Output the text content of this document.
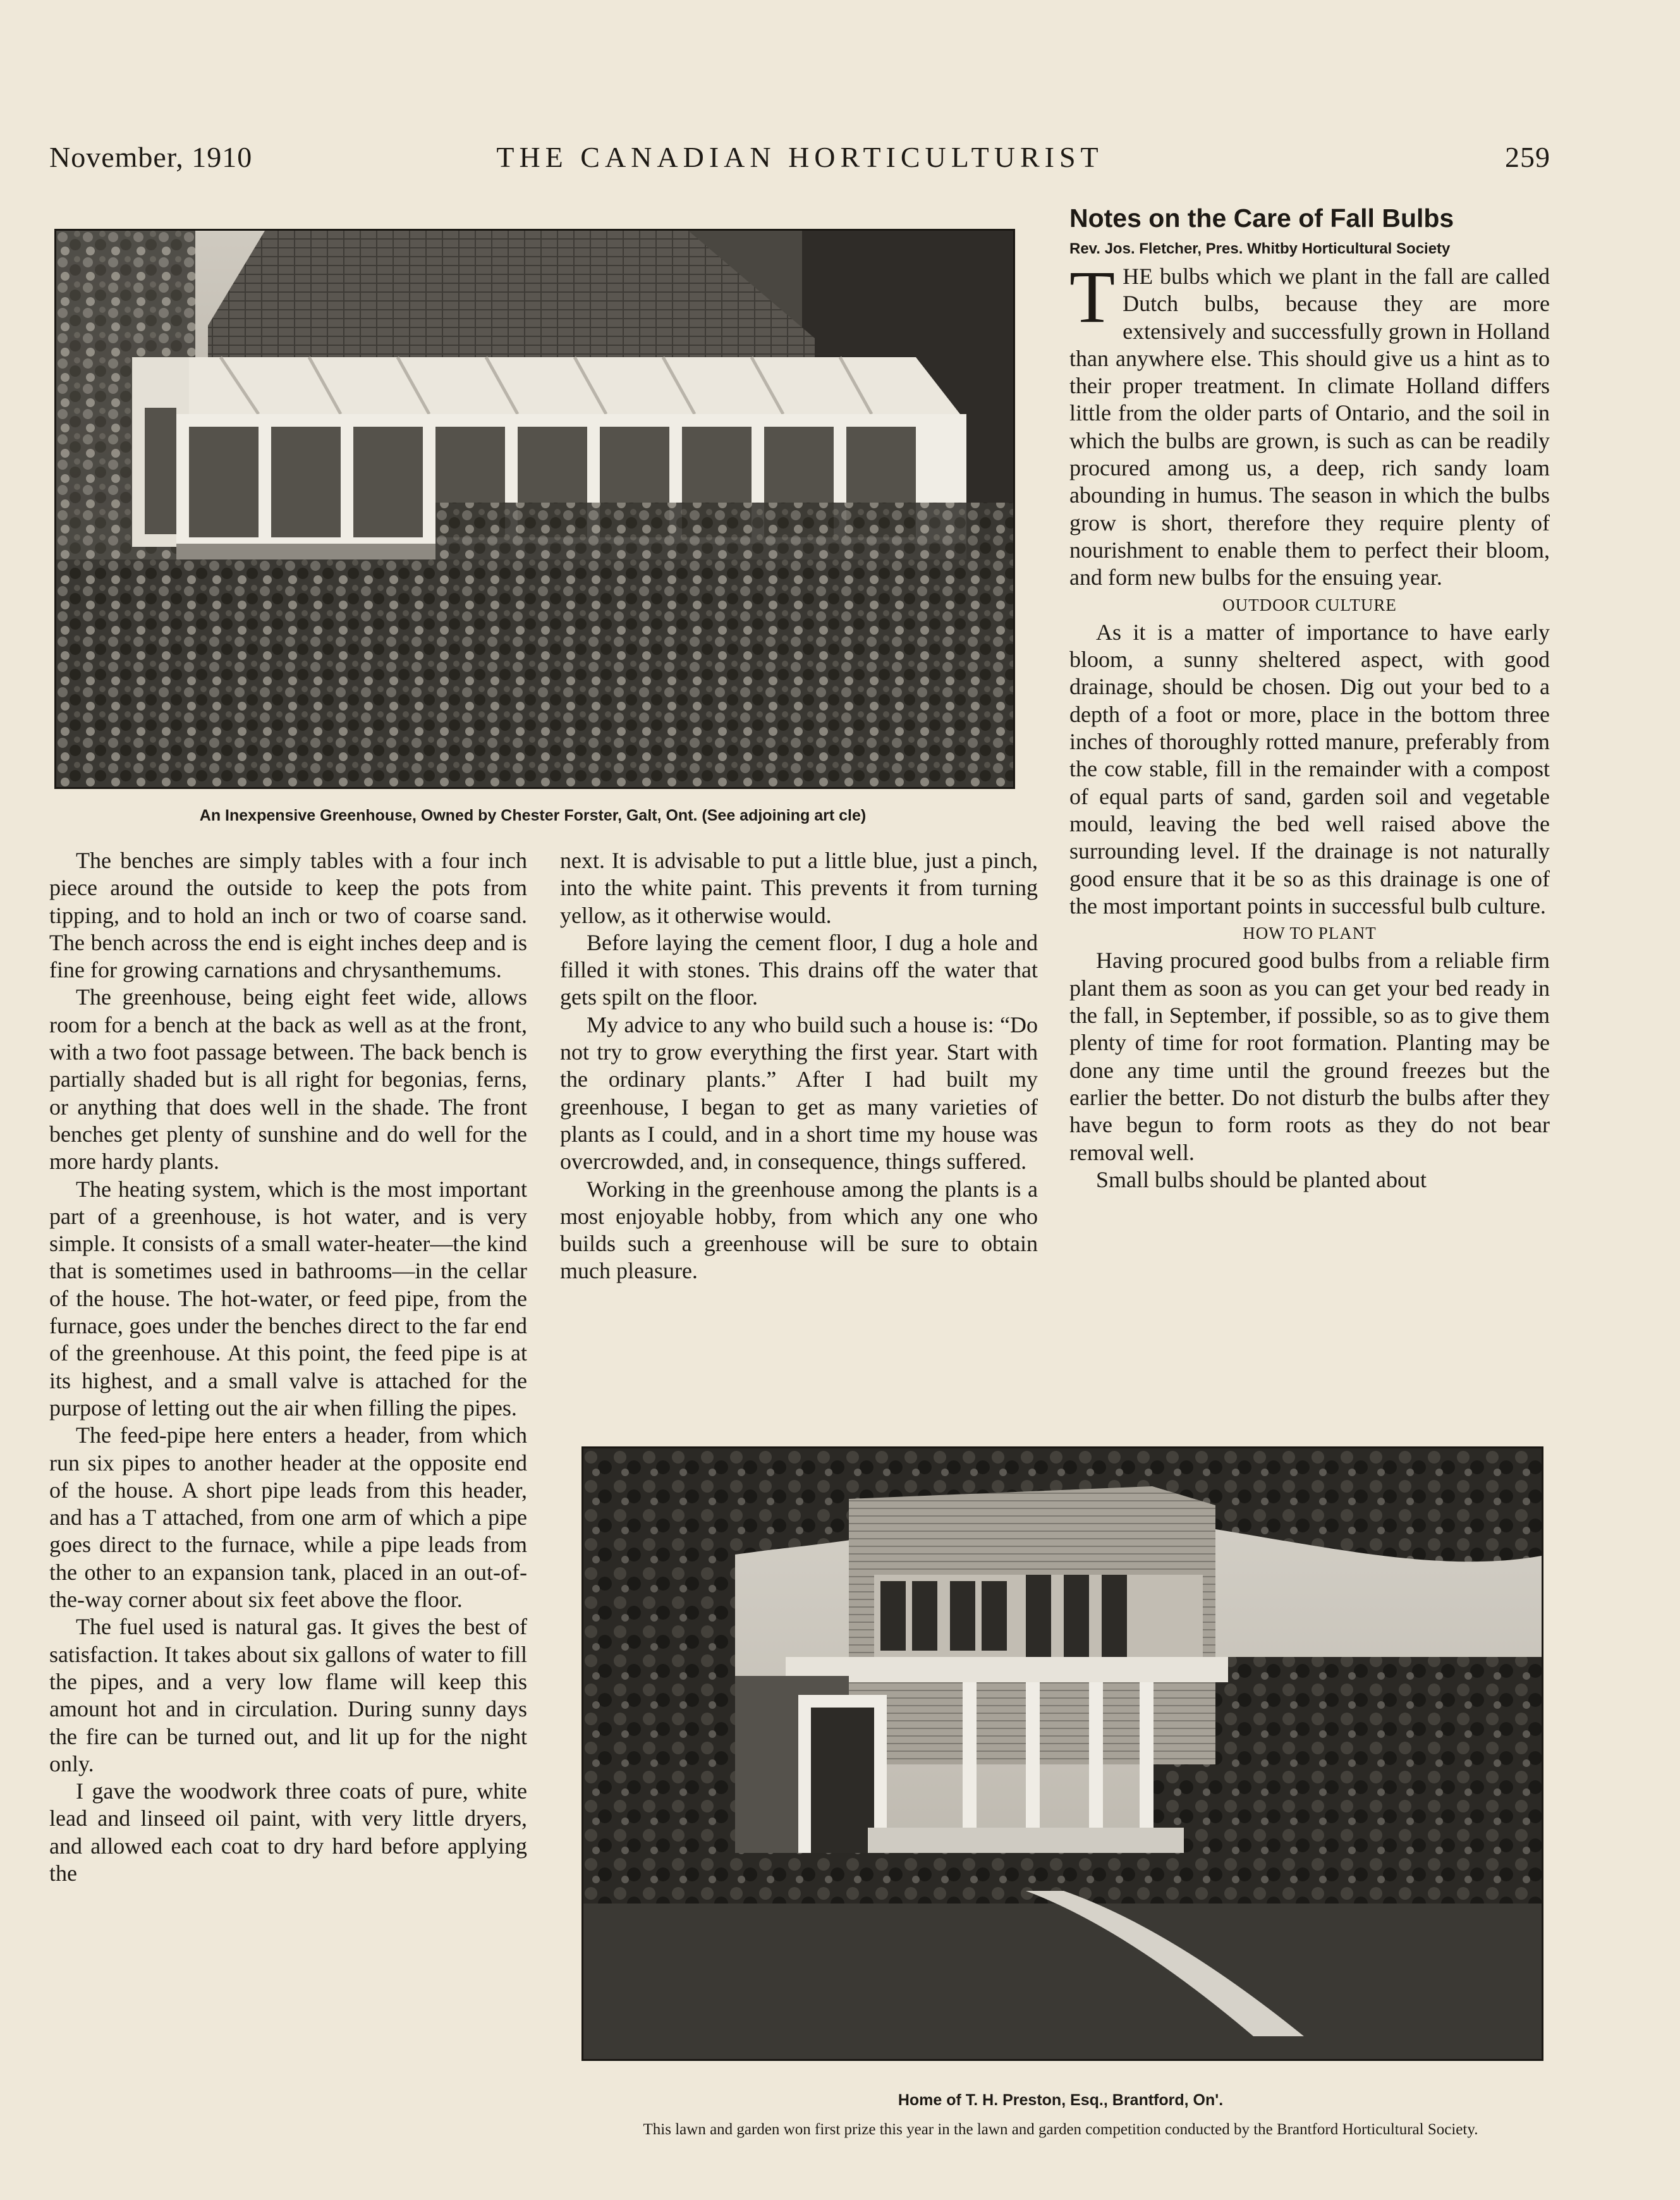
November, 1910	THE CANADIAN HORTICULTURIST	259
An Inexpensive Greenhouse, Owned by Chester Forster, Galt, Ont. (See adjoining art cle)

The benches are simply tables with a four inch piece around the outside to keep the pots from tipping, and to hold an inch or two of coarse sand. The bench across the end is eight inches deep and is fine for growing carnations and chrysanthemums.

The greenhouse, being eight feet wide, allows room for a bench at the back as well as at the front, with a two foot passage between. The back bench is partially shaded but is all right for begonias, ferns, or anything that does well in the shade. The front benches get plenty of sunshine and do well for the more hardy plants.

The heating system, which is the most important part of a greenhouse, is hot water, and is very simple. It consists of a small water-heater—the kind that is sometimes used in bathrooms—in the cellar of the house. The hot-water, or feed pipe, from the furnace, goes under the benches direct to the far end of the greenhouse. At this point, the feed pipe is at its highest, and a small valve is attached for the purpose of letting out the air when filling the pipes.

The feed-pipe here enters a header, from which run six pipes to another header at the opposite end of the house. A short pipe leads from this header, and has a T attached, from one arm of which a pipe goes direct to the furnace, while a pipe leads from the other to an expansion tank, placed in an out-of-the-way corner about six feet above the floor.

The fuel used is natural gas. It gives the best of satisfaction. It takes about six gallons of water to fill the pipes, and a very low flame will keep this amount hot and in circulation. During sunny days the fire can be turned out, and lit up for the night only.

I gave the woodwork three coats of pure, white lead and linseed oil paint, with very little dryers, and allowed each coat to dry hard before applying the

next. It is advisable to put a little blue, just a pinch, into the white paint. This prevents it from turning yellow, as it otherwise would.

Before laying the cement floor, I dug a hole and filled it with stones. This drains off the water that gets spilt on the floor.

My advice to any who build such a house is: “Do not try to grow everything the first year. Start with the ordinary plants.” After I had built my greenhouse, I began to get as many varieties of plants as I could, and in a short time my house was overcrowded, and, in consequence, things suffered.

Working in the greenhouse among the plants is a most enjoyable hobby, from which any one who builds such a greenhouse will be sure to obtain much pleasure.

Notes on the Care of Fall Bulbs
Rev. Jos. Fletcher, Pres. Whitby Horticultural Society

THE bulbs which we plant in the fall are called Dutch bulbs, because they are more extensively and successfully grown in Holland than anywhere else. This should give us a hint as to their proper treatment. In climate Holland differs little from the older parts of Ontario, and the soil in which the bulbs are grown, is such as can be readily procured among us, a deep, rich sandy loam abounding in humus. The season in which the bulbs grow is short, therefore they require plenty of nourishment to enable them to perfect their bloom, and form new bulbs for the ensuing year.

OUTDOOR CULTURE

As it is a matter of importance to have early bloom, a sunny sheltered aspect, with good drainage, should be chosen. Dig out your bed to a depth of a foot or more, place in the bottom three inches of thoroughly rotted manure, preferably from the cow stable, fill in the remainder with a compost of equal parts of sand, garden soil and vegetable mould, leaving the bed well raised above the surrounding level. If the drainage is not naturally good ensure that it be so as this drainage is one of the most important points in successful bulb culture.

HOW TO PLANT

Having procured good bulbs from a reliable firm plant them as soon as you can get your bed ready in the fall, in September, if possible, so as to give them plenty of time for root formation. Planting may be done any time until the ground freezes but the earlier the better. Do not disturb the bulbs after they have begun to form roots as they do not bear removal well.

Small bulbs should be planted about

Home of T. H. Preston, Esq., Brantford, On'.
This lawn and garden won first prize this year in the lawn and garden competition conducted by the Brantford Horticultural Society.
